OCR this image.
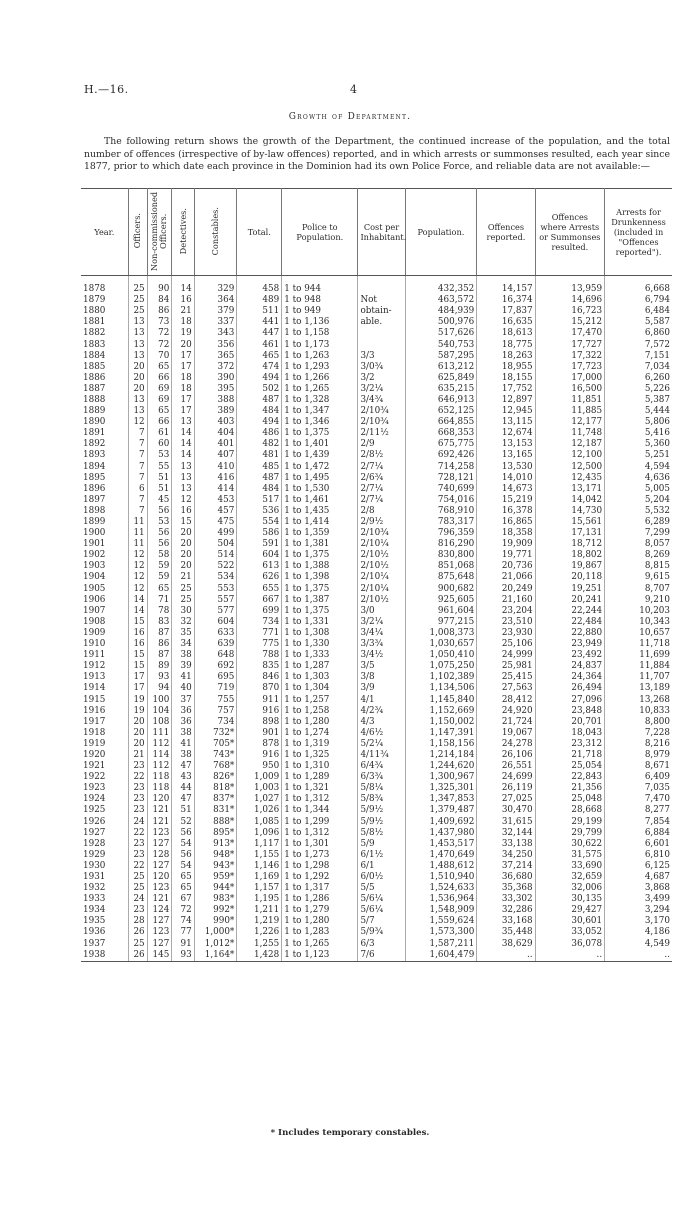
H.—16.	4
Growth of Department.

The following return shows the growth of the Department, the continued increase of the population, and the total number of offences (irrespective of by-law offences) reported, and in which arrests or summonses resulted, each year since 1877, prior to which date each province in the Dominion had its own Police Force, and reliable data are not available:—

Year.	Officers.	Non-commissioned Officers.	Detectives.	Constables.	Total.	Police to Population.	Cost per Inhabitant.	Population.	Offences reported.	Offences where Arrests or Summonses resulted.	Arrests for Drunkenness (included in "Offences reported").

1878	25	90	14	329	458	1 to 944		432,352	14,157	13,959	6,668
1879	25	84	16	364	489	1 to 948	Not	463,572	16,374	14,696	6,794
1880	25	86	21	379	511	1 to 949	obtain-	484,939	17,837	16,723	6,484
1881	13	73	18	337	441	1 to 1,136	able.	500,976	16,635	15,212	5,587
1882	13	72	19	343	447	1 to 1,158		517,626	18,613	17,470	6,860
1883	13	72	20	356	461	1 to 1,173		540,753	18,775	17,727	7,572
1884	13	70	17	365	465	1 to 1,263	3/3	587,295	18,263	17,322	7,151
1885	20	65	17	372	474	1 to 1,293	3/0¾	613,212	18,955	17,723	7,034
1886	20	66	18	390	494	1 to 1,266	3/2	625,849	18,155	17,000	6,260
1887	20	69	18	395	502	1 to 1,265	3/2¼	635,215	17,752	16,500	5,226
1888	13	69	17	388	487	1 to 1,328	3/4¾	646,913	12,897	11,851	5,387
1889	13	65	17	389	484	1 to 1,347	2/10¾	652,125	12,945	11,885	5,444
1890	12	66	13	403	494	1 to 1,346	2/10¾	664,855	13,115	12,177	5,806
1891	7	61	14	404	486	1 to 1,375	2/11½	668,353	12,674	11,748	5,416
1892	7	60	14	401	482	1 to 1,401	2/9	675,775	13,153	12,187	5,360
1893	7	53	14	407	481	1 to 1,439	2/8½	692,426	13,165	12,100	5,251
1894	7	55	13	410	485	1 to 1,472	2/7¼	714,258	13,530	12,500	4,594
1895	7	51	13	416	487	1 to 1,495	2/6¾	728,121	14,010	12,435	4,636
1896	6	51	13	414	484	1 to 1,530	2/7¼	740,699	14,673	13,171	5,005
1897	7	45	12	453	517	1 to 1,461	2/7¼	754,016	15,219	14,042	5,204
1898	7	56	16	457	536	1 to 1,435	2/8	768,910	16,378	14,730	5,532
1899	11	53	15	475	554	1 to 1,414	2/9½	783,317	16,865	15,561	6,289
1900	11	56	20	499	586	1 to 1,359	2/10¾	796,359	18,358	17,131	7,299
1901	11	56	20	504	591	1 to 1,381	2/10¼	816,290	19,909	18,712	8,057
1902	12	58	20	514	604	1 to 1,375	2/10½	830,800	19,771	18,802	8,269
1903	12	59	20	522	613	1 to 1,388	2/10½	851,068	20,736	19,867	8,815
1904	12	59	21	534	626	1 to 1,398	2/10¼	875,648	21,066	20,118	9,615
1905	12	65	25	553	655	1 to 1,375	2/10¼	900,682	20,249	19,251	8,707
1906	14	71	25	557	667	1 to 1,387	2/10½	925,605	21,160	20,241	9,210
1907	14	78	30	577	699	1 to 1,375	3/0	961,604	23,204	22,244	10,203
1908	15	83	32	604	734	1 to 1,331	3/2¼	977,215	23,510	22,484	10,343
1909	16	87	35	633	771	1 to 1,308	3/4¼	1,008,373	23,930	22,880	10,657
1910	16	86	34	639	775	1 to 1,330	3/3¾	1,030,657	25,106	23,949	11,718
1911	15	87	38	648	788	1 to 1,333	3/4½	1,050,410	24,999	23,492	11,699
1912	15	89	39	692	835	1 to 1,287	3/5	1,075,250	25,981	24,837	11,884
1913	17	93	41	695	846	1 to 1,303	3/8	1,102,389	25,415	24,364	11,707
1914	17	94	40	719	870	1 to 1,304	3/9	1,134,506	27,563	26,494	13,189
1915	19	100	37	755	911	1 to 1,257	4/1	1,145,840	28,412	27,096	13,268
1916	19	104	36	757	916	1 to 1,258	4/2¾	1,152,669	24,920	23,848	10,833
1917	20	108	36	734	898	1 to 1,280	4/3	1,150,002	21,724	20,701	8,800
1918	20	111	38	732*	901	1 to 1,274	4/6½	1,147,391	19,067	18,043	7,228
1919	20	112	41	705*	878	1 to 1,319	5/2¼	1,158,156	24,278	23,312	8,216
1920	21	114	38	743*	916	1 to 1,325	4/11¾	1,214,184	26,106	21,718	8,979
1921	23	112	47	768*	950	1 to 1,310	6/4¾	1,244,620	26,551	25,054	8,671
1922	22	118	43	826*	1,009	1 to 1,289	6/3¾	1,300,967	24,699	22,843	6,409
1923	23	118	44	818*	1,003	1 to 1,321	5/8¼	1,325,301	26,119	21,356	7,035
1924	23	120	47	837*	1,027	1 to 1,312	5/8¾	1,347,853	27,025	25,048	7,470
1925	23	121	51	831*	1,026	1 to 1,344	5/9½	1,379,487	30,470	28,668	8,277
1926	24	121	52	888*	1,085	1 to 1,299	5/9½	1,409,692	31,615	29,199	7,854
1927	22	123	56	895*	1,096	1 to 1,312	5/8½	1,437,980	32,144	29,799	6,884
1928	23	127	54	913*	1,117	1 to 1,301	5/9	1,453,517	33,138	30,622	6,601
1929	23	128	56	948*	1,155	1 to 1,273	6/1½	1,470,649	34,250	31,575	6,810
1930	22	127	54	943*	1,146	1 to 1,298	6/1	1,488,612	37,214	33,690	6,125
1931	25	120	65	959*	1,169	1 to 1,292	6/0½	1,510,940	36,680	32,659	4,687
1932	25	123	65	944*	1,157	1 to 1,317	5/5	1,524,633	35,368	32,006	3,868
1933	24	121	67	983*	1,195	1 to 1,286	5/6¼	1,536,964	33,302	30,135	3,499
1934	23	124	72	992*	1,211	1 to 1,279	5/6¼	1,548,909	32,286	29,427	3,294
1935	28	127	74	990*	1,219	1 to 1,280	5/7	1,559,624	33,168	30,601	3,170
1936	26	123	77	1,000*	1,226	1 to 1,283	5/9¾	1,573,300	35,448	33,052	4,186
1937	25	127	91	1,012*	1,255	1 to 1,265	6/3	1,587,211	38,629	36,078	4,549
1938	26	145	93	1,164*	1,428	1 to 1,123	7/6	1,604,479	..	..	..
* Includes temporary constables.
